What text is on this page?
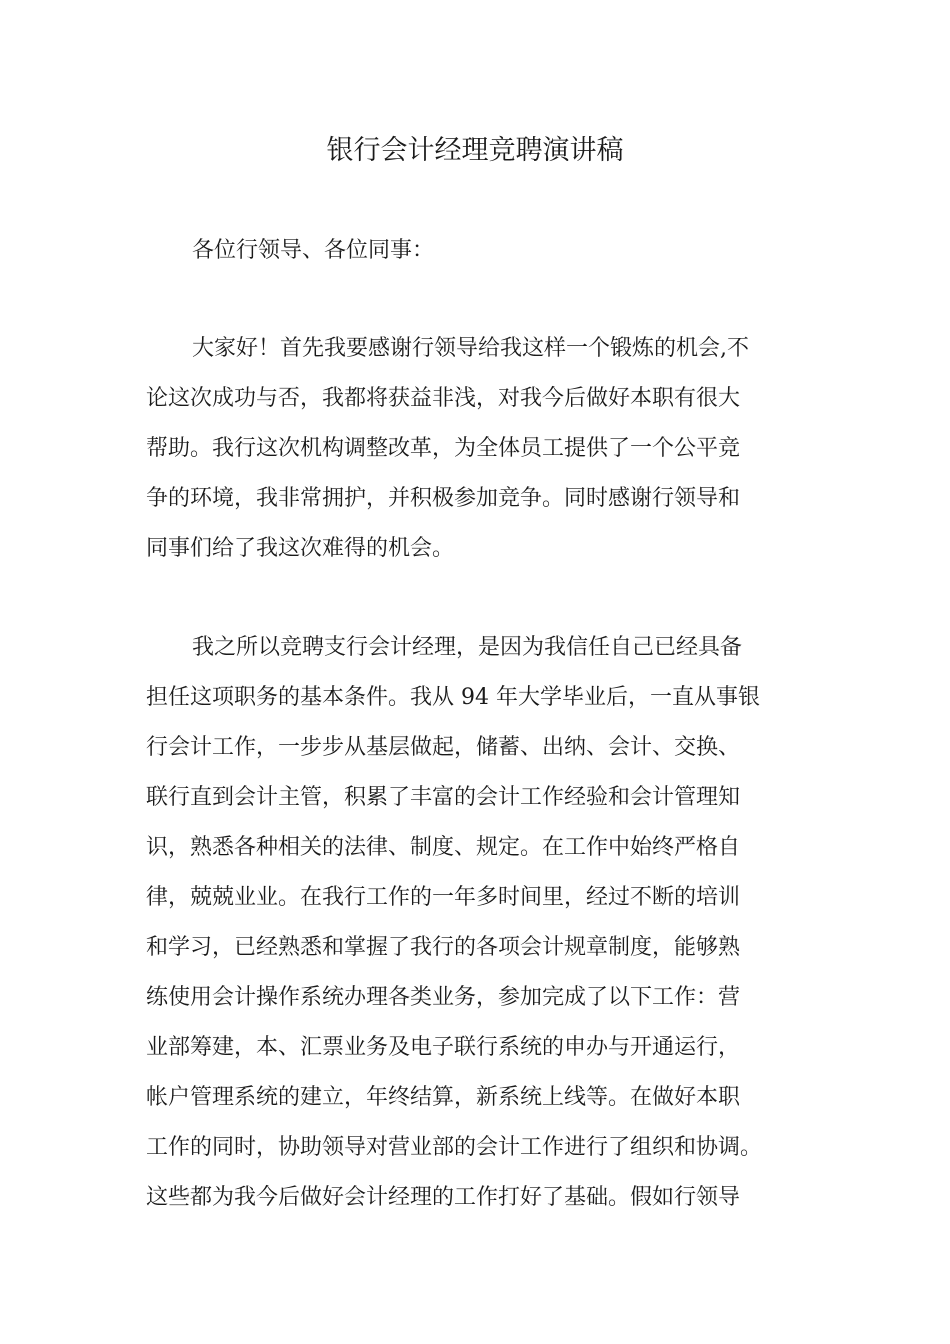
银行会计经理竞聘演讲稿
各位行领导、各位同事：
大家好！首先我要感谢行领导给我这样一个锻炼的机会,不
论这次成功与否，我都将获益非浅，对我今后做好本职有很大
帮助。我行这次机构调整改革，为全体员工提供了一个公平竞
争的环境，我非常拥护，并积极参加竞争。同时感谢行领导和
同事们给了我这次难得的机会。
我之所以竞聘支行会计经理，是因为我信任自己已经具备
担任这项职务的基本条件。我从 94 年大学毕业后，一直从事银
行会计工作，一步步从基层做起，储蓄、出纳、会计、交换、
联行直到会计主管，积累了丰富的会计工作经验和会计管理知
识，熟悉各种相关的法律、制度、规定。在工作中始终严格自
律，兢兢业业。在我行工作的一年多时间里，经过不断的培训
和学习，已经熟悉和掌握了我行的各项会计规章制度，能够熟
练使用会计操作系统办理各类业务，参加完成了以下工作：营
业部筹建，本、汇票业务及电子联行系统的申办与开通运行，
帐户管理系统的建立，年终结算，新系统上线等。在做好本职
工作的同时，协助领导对营业部的会计工作进行了组织和协调。
这些都为我今后做好会计经理的工作打好了基础。假如行领导
